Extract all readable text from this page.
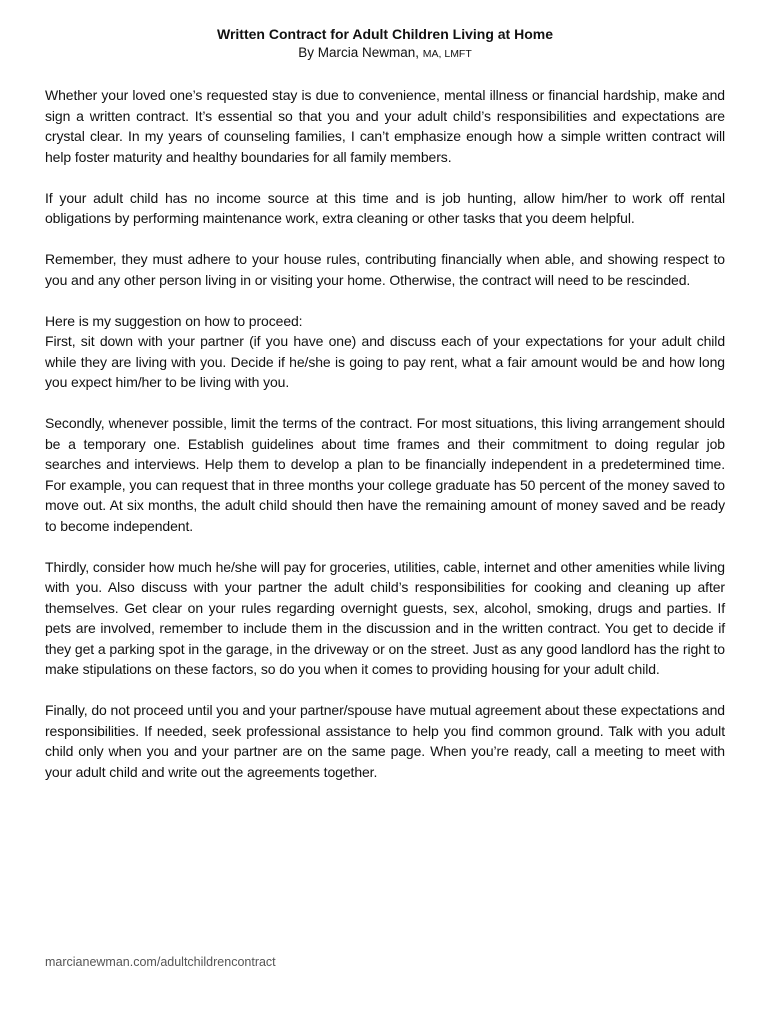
Written Contract for Adult Children Living at Home
By Marcia Newman, MA, LMFT

Whether your loved one’s requested stay is due to convenience, mental illness or financial hardship, make and sign a written contract. It’s essential so that you and your adult child’s responsibilities and expectations are crystal clear. In my years of counseling families, I can’t emphasize enough how a simple written contract will help foster maturity and healthy boundaries for all family members.

If your adult child has no income source at this time and is job hunting, allow him/her to work off rental obligations by performing maintenance work, extra cleaning or other tasks that you deem helpful.

Remember, they must adhere to your house rules, contributing financially when able, and showing respect to you and any other person living in or visiting your home. Otherwise, the contract will need to be rescinded.

Here is my suggestion on how to proceed:
First, sit down with your partner (if you have one) and discuss each of your expectations for your adult child while they are living with you. Decide if he/she is going to pay rent, what a fair amount would be and how long you expect him/her to be living with you.

Secondly, whenever possible, limit the terms of the contract. For most situations, this living arrangement should be a temporary one. Establish guidelines about time frames and their commitment to doing regular job searches and interviews. Help them to develop a plan to be financially independent in a predetermined time. For example, you can request that in three months your college graduate has 50 percent of the money saved to move out. At six months, the adult child should then have the remaining amount of money saved and be ready to become independent.

Thirdly, consider how much he/she will pay for groceries, utilities, cable, internet and other amenities while living with you. Also discuss with your partner the adult child’s responsibilities for cooking and cleaning up after themselves. Get clear on your rules regarding overnight guests, sex, alcohol, smoking, drugs and parties. If pets are involved, remember to include them in the discussion and in the written contract. You get to decide if they get a parking spot in the garage, in the driveway or on the street. Just as any good landlord has the right to make stipulations on these factors, so do you when it comes to providing housing for your adult child.

Finally, do not proceed until you and your partner/spouse have mutual agreement about these expectations and responsibilities. If needed, seek professional assistance to help you find common ground. Talk with you adult child only when you and your partner are on the same page. When you’re ready, call a meeting to meet with your adult child and write out the agreements together.

marcianewman.com/adultchildrencontract
